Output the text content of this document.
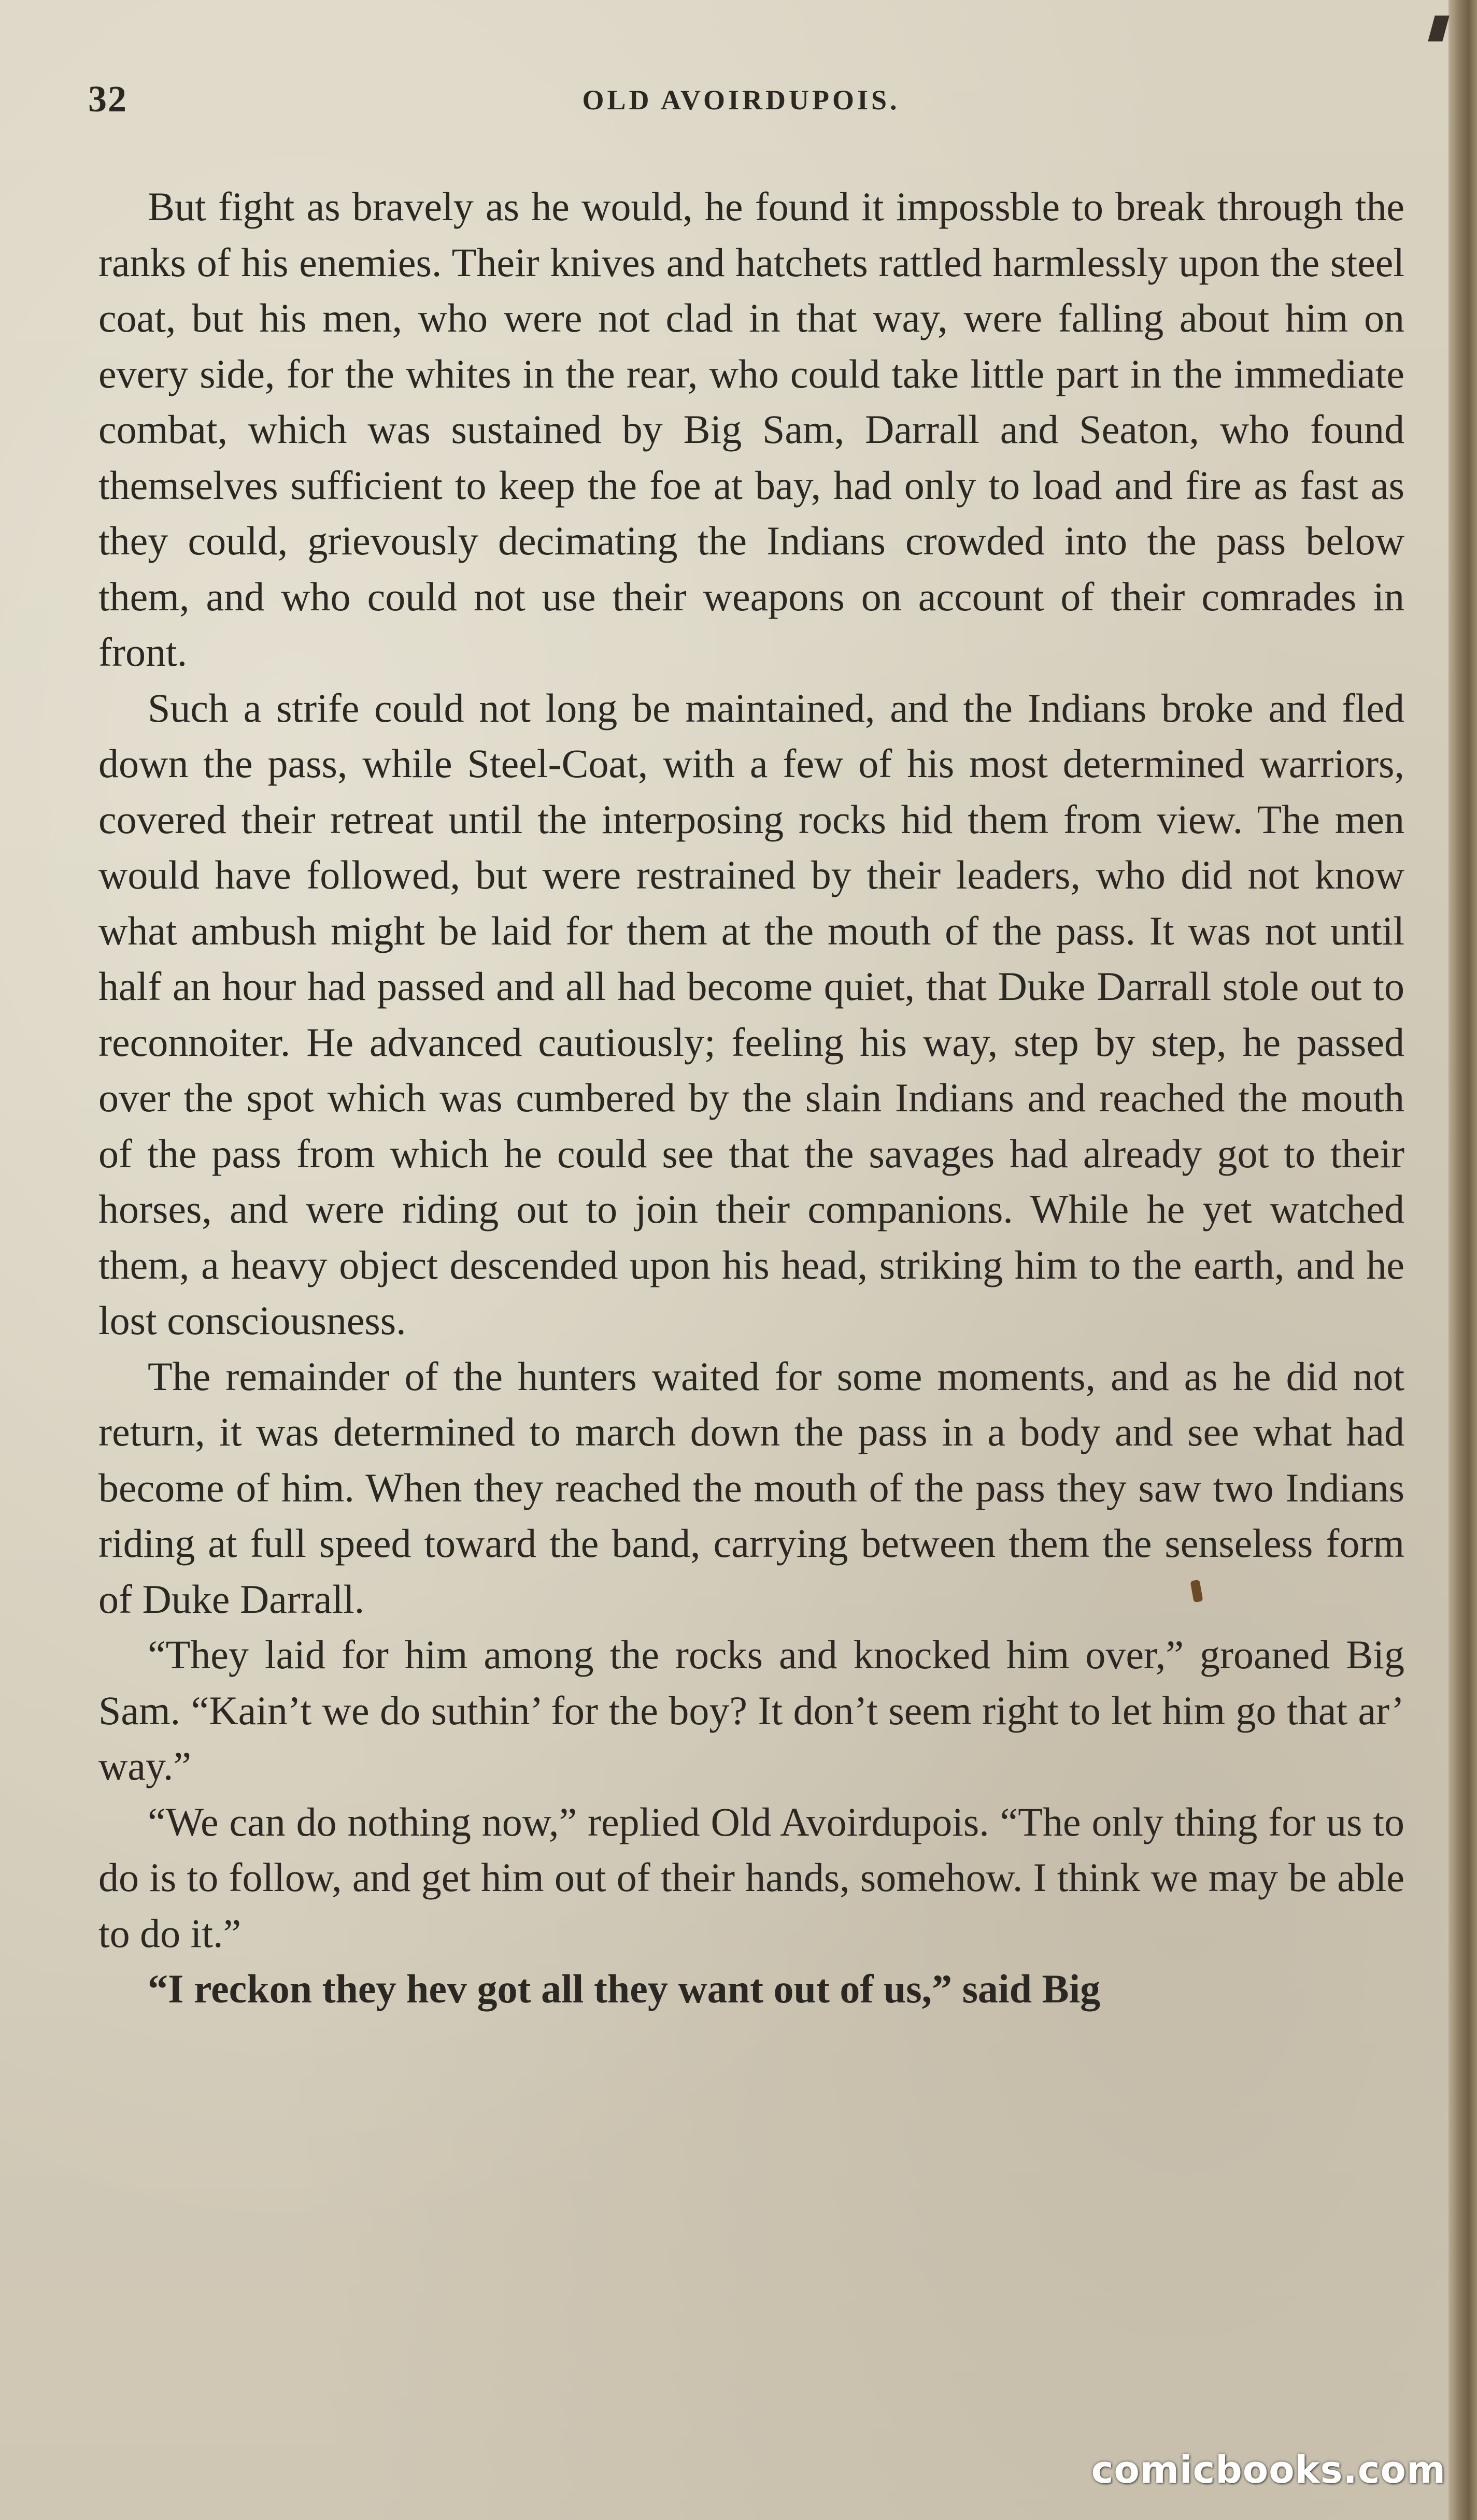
32	OLD AVOIRDUPOIS.

But fight as bravely as he would, he found it impossble to break through the ranks of his enemies. Their knives and hatchets rattled harmlessly upon the steel coat, but his men, who were not clad in that way, were falling about him on every side, for the whites in the rear, who could take little part in the immediate combat, which was sustained by Big Sam, Darrall and Seaton, who found themselves sufficient to keep the foe at bay, had only to load and fire as fast as they could, grievously decimating the Indians crowded into the pass below them, and who could not use their weapons on account of their comrades in front.

Such a strife could not long be maintained, and the Indians broke and fled down the pass, while Steel-Coat, with a few of his most determined warriors, covered their retreat until the interposing rocks hid them from view. The men would have followed, but were restrained by their leaders, who did not know what ambush might be laid for them at the mouth of the pass. It was not until half an hour had passed and all had become quiet, that Duke Darrall stole out to reconnoiter. He advanced cautiously; feeling his way, step by step, he passed over the spot which was cumbered by the slain Indians and reached the mouth of the pass from which he could see that the savages had already got to their horses, and were riding out to join their companions. While he yet watched them, a heavy object descended upon his head, striking him to the earth, and he lost consciousness.

The remainder of the hunters waited for some moments, and as he did not return, it was determined to march down the pass in a body and see what had become of him. When they reached the mouth of the pass they saw two Indians riding at full speed toward the band, carrying between them the senseless form of Duke Darrall.

“They laid for him among the rocks and knocked him over,” groaned Big Sam. “Kain’t we do suthin’ for the boy? It don’t seem right to let him go that ar’ way.”

“We can do nothing now,” replied Old Avoirdupois. “The only thing for us to do is to follow, and get him out of their hands, somehow. I think we may be able to do it.”

“I reckon they hev got all they want out of us,” said Big

comicbooks.com
